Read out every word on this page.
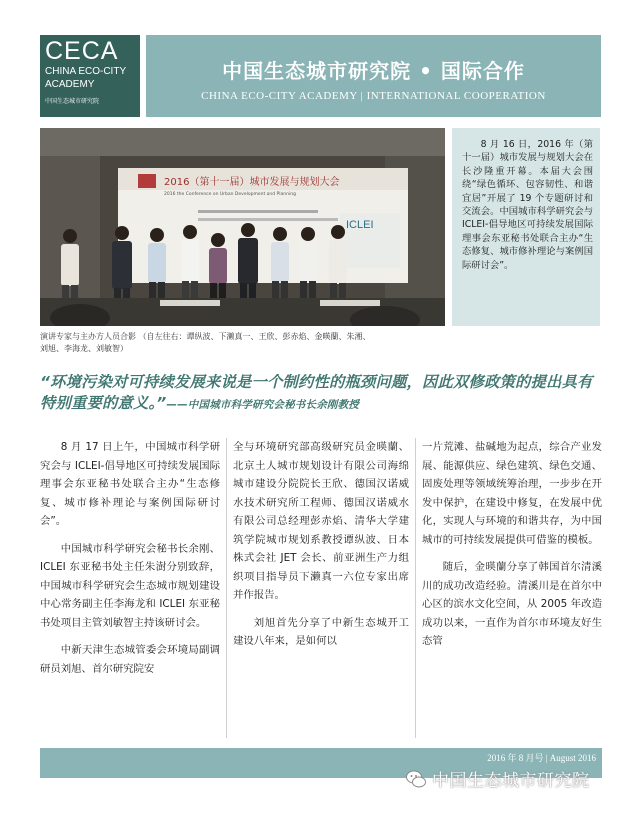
CECA
CHINA ECO-CITY
ACADEMY
中国生态城市研究院
中国生态城市研究院 • 国际合作
CHINA ECO-CITY ACADEMY | INTERNATIONAL COOPERATION
2016（第十一届）城市发展与规划大会
2016 the Conference on Urban Development and Planning
ICLEI

8 月 16 日，2016 年（第十一届）城市发展与规划大会在长沙隆重开幕。本届大会围绕“绿色循环、包容韧性、和谐宜居”开展了 19 个专题研讨和交流会。中国城市科学研究会与 ICLEI-倡导地区可持续发展国际理事会东亚秘书处联合主办“生态修复、城市修补理论与案例国际研讨会”。

演讲专家与主办方人员合影 （自左往右：谭纵波、下濑真一、王欣、彭赤焰、金暎蘭、朱湘、
刘旭、李海龙、刘敏智）
“环境污染对可持续发展来说是一个制约性的瓶颈问题，因此双修政策的提出具有特别重要的意义。”——中国城市科学研究会秘书长余刚教授

8 月 17 日上午，中国城市科学研究会与 ICLEI-倡导地区可持续发展国际理事会东亚秘书处联合主办“生态修复、城市修补理论与案例国际研讨会”。

中国城市科学研究会秘书长余刚、ICLEI 东亚秘书处主任朱澍分别致辞，中国城市科学研究会生态城市规划建设中心常务副主任李海龙和 ICLEI 东亚秘书处项目主管刘敏智主持该研讨会。

中新天津生态城管委会环境局副调研员刘旭、首尔研究院安

全与环境研究部高级研究员金暎蘭、北京土人城市规划设计有限公司海绵城市建设分院院长王欣、德国汉诺威水技术研究所工程师、德国汉诺威水有限公司总经理彭赤焰、清华大学建筑学院城市规划系教授谭纵波、日本株式会社 JET 会长、前亚洲生产力组织项目指导员下濑真一六位专家出席并作报告。

刘旭首先分享了中新生态城开工建设八年来，是如何以

一片荒滩、盐碱地为起点，综合产业发展、能源供应、绿色建筑、绿色交通、固废处理等领域统筹治理，一步步在开发中保护，在建设中修复，在发展中优化，实现人与环境的和谐共存，为中国城市的可持续发展提供可借鉴的模板。

随后，金暎蘭分享了韩国首尔清溪川的成功改造经验。清溪川是在首尔中心区的滨水文化空间，从 2005 年改造成功以来，一直作为首尔市环境友好生态管

2016 年 8 月号 | August 2016
中国生态城市研究院
